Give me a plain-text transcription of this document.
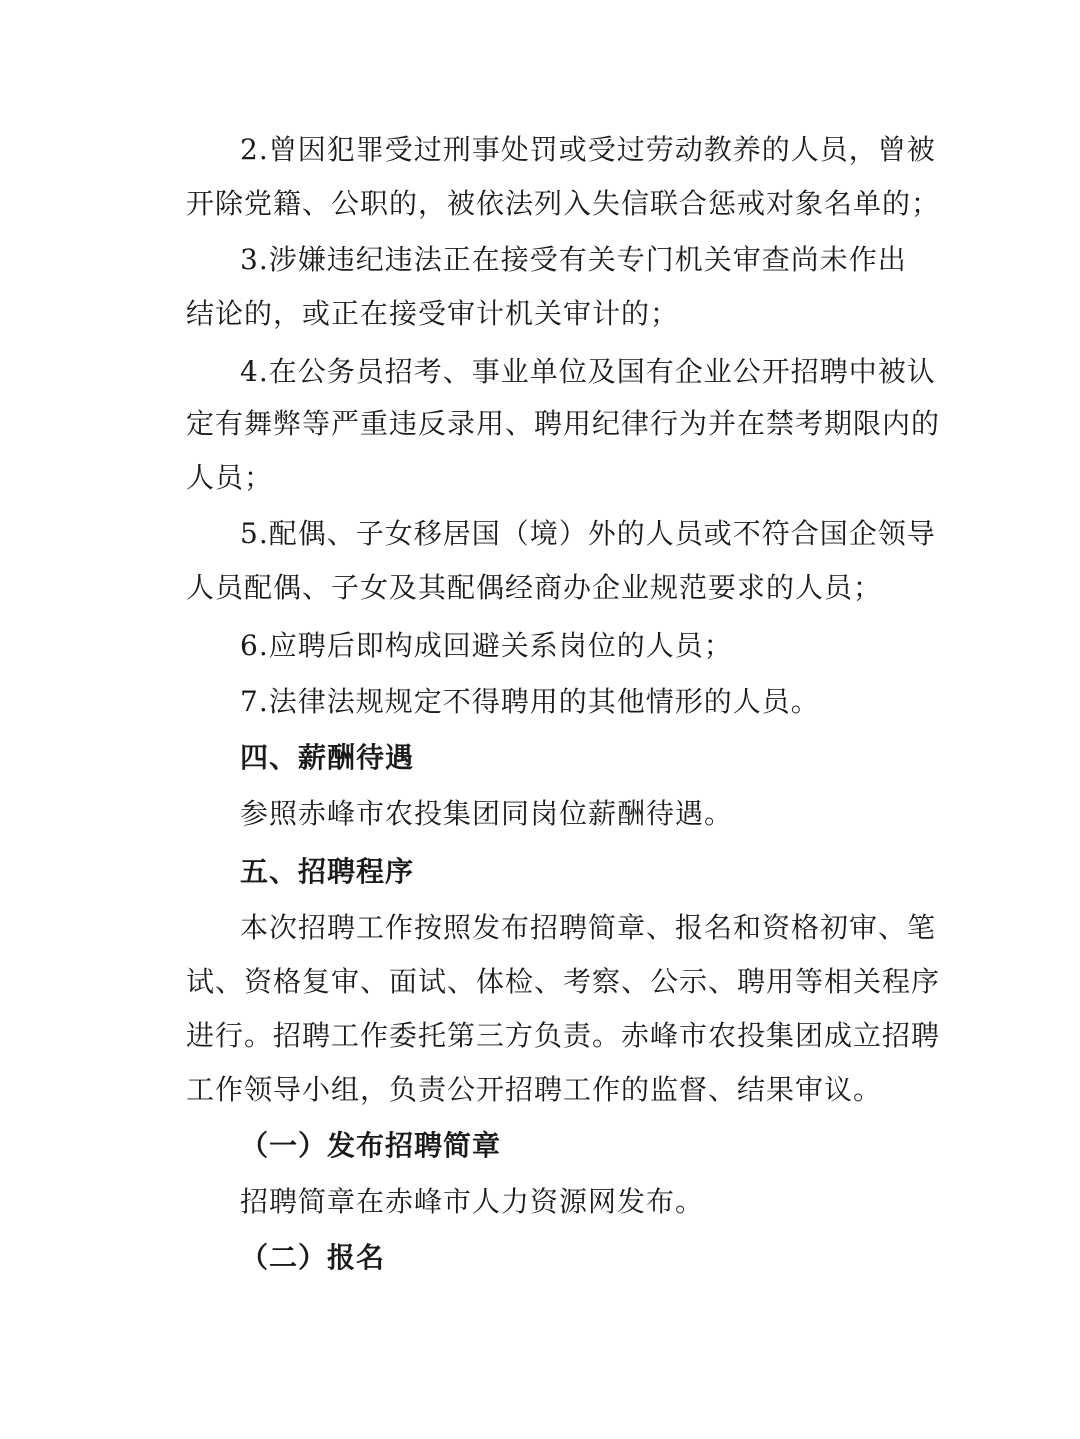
2.曾因犯罪受过刑事处罚或受过劳动教养的人员，曾被
开除党籍、公职的，被依法列入失信联合惩戒对象名单的；
3.涉嫌违纪违法正在接受有关专门机关审查尚未作出
结论的，或正在接受审计机关审计的；
4.在公务员招考、事业单位及国有企业公开招聘中被认
定有舞弊等严重违反录用、聘用纪律行为并在禁考期限内的
人员；
5.配偶、子女移居国（境）外的人员或不符合国企领导
人员配偶、子女及其配偶经商办企业规范要求的人员；
6.应聘后即构成回避关系岗位的人员；
7.法律法规规定不得聘用的其他情形的人员。
四、薪酬待遇
参照赤峰市农投集团同岗位薪酬待遇。
五、招聘程序
本次招聘工作按照发布招聘简章、报名和资格初审、笔
试、资格复审、面试、体检、考察、公示、聘用等相关程序
进行。招聘工作委托第三方负责。赤峰市农投集团成立招聘
工作领导小组，负责公开招聘工作的监督、结果审议。
（一）发布招聘简章
招聘简章在赤峰市人力资源网发布。
（二）报名
